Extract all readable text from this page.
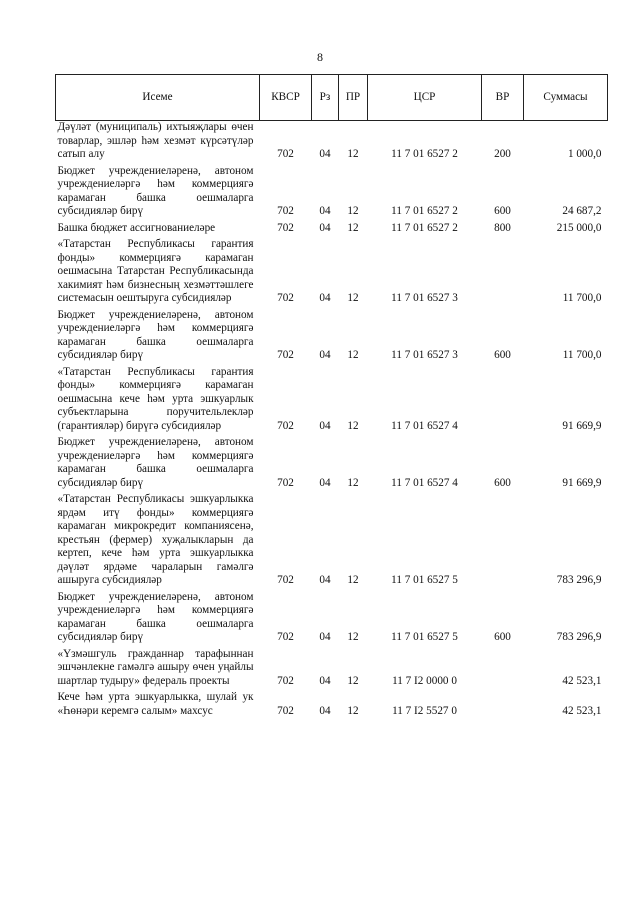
8
Исеме	КВСР	Рз	ПР	ЦСР	ВР	Суммасы
Дәүләт (муниципаль) ихтыяҗлары өчен товарлар, эшләр һәм хезмәт күрсәтүләр сатып алу	702	04	12	11 7 01 6527 2	200	1 000,0
Бюджет учреждениеләренә, автоном учреждениеләргә һәм коммерциягә карамаган башка оешмаларга субсидияләр бирү	702	04	12	11 7 01 6527 2	600	24 687,2
Башка бюджет ассигнованиеләре	702	04	12	11 7 01 6527 2	800	215 000,0
«Татарстан Республикасы гарантия фонды» коммерциягә карамаган оешмасына Татарстан Республикасында хакимият һәм бизнесның хезмәттәшлеге системасын оештыруга субсидияләр	702	04	12	11 7 01 6527 3		11 700,0
Бюджет учреждениеләренә, автоном учреждениеләргә һәм коммерциягә карамаган башка оешмаларга субсидияләр бирү	702	04	12	11 7 01 6527 3	600	11 700,0
«Татарстан Республикасы гарантия фонды» коммерциягә карамаган оешмасына кече һәм урта эшкуарлык субъектларына поручительлекләр (гарантияләр) бирүгә субсидияләр	702	04	12	11 7 01 6527 4		91 669,9
Бюджет учреждениеләренә, автоном учреждениеләргә һәм коммерциягә карамаган башка оешмаларга субсидияләр бирү	702	04	12	11 7 01 6527 4	600	91 669,9
«Татарстан Республикасы эшкуарлыкка ярдәм итү фонды» коммерциягә карамаган микрокредит компаниясенә, крестьян (фермер) хуҗалыкларын да кертеп, кече һәм урта эшкуарлыкка дәүләт ярдәме чараларын гамәлгә ашыруга субсидияләр	702	04	12	11 7 01 6527 5		783 296,9
Бюджет учреждениеләренә, автоном учреждениеләргә һәм коммерциягә карамаган башка оешмаларга субсидияләр бирү	702	04	12	11 7 01 6527 5	600	783 296,9
«Үзмәшгуль гражданнар тарафыннан эшчәнлекне гамәлгә ашыру өчен уңайлы шартлар тудыру» федераль проекты	702	04	12	11 7 I2 0000 0		42 523,1
Кече һәм урта эшкуарлыкка, шулай ук «Һөнәри керемгә салым» махсус	702	04	12	11 7 I2 5527 0		42 523,1
